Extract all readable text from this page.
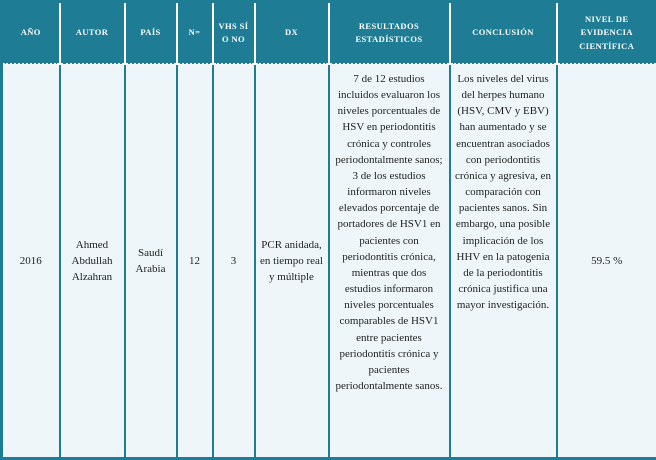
AÑO	AUTOR	PAÍS	N=	VHS SÍ O NO	DX	RESULTADOS ESTADÍSTICOS	CONCLUSIÓN	NIVEL DE EVIDENCIA CIENTÍFICA
2016	Ahmed Abdullah Alzahran	Saudí Arabia	12	3	PCR anidada, en tiempo real y múltiple	7 de 12 estudios incluidos evaluaron los niveles porcentuales de HSV en periodontitis crónica y controles periodontalmente sanos; 3 de los estudios informaron niveles elevados porcentaje de portadores de HSV1 en pacientes con periodontitis crónica, mientras que dos estudios informaron niveles porcentuales comparables de HSV1 entre pacientes periodontitis crónica y pacientes periodontalmente sanos.	Los niveles del virus del herpes humano (HSV, CMV y EBV) han aumentado y se encuentran asociados con periodontitis crónica y agresiva, en comparación con pacientes sanos. Sin embargo, una posible implicación de los HHV en la patogenia de la periodontitis crónica justifica una mayor investigación.	59.5 %
